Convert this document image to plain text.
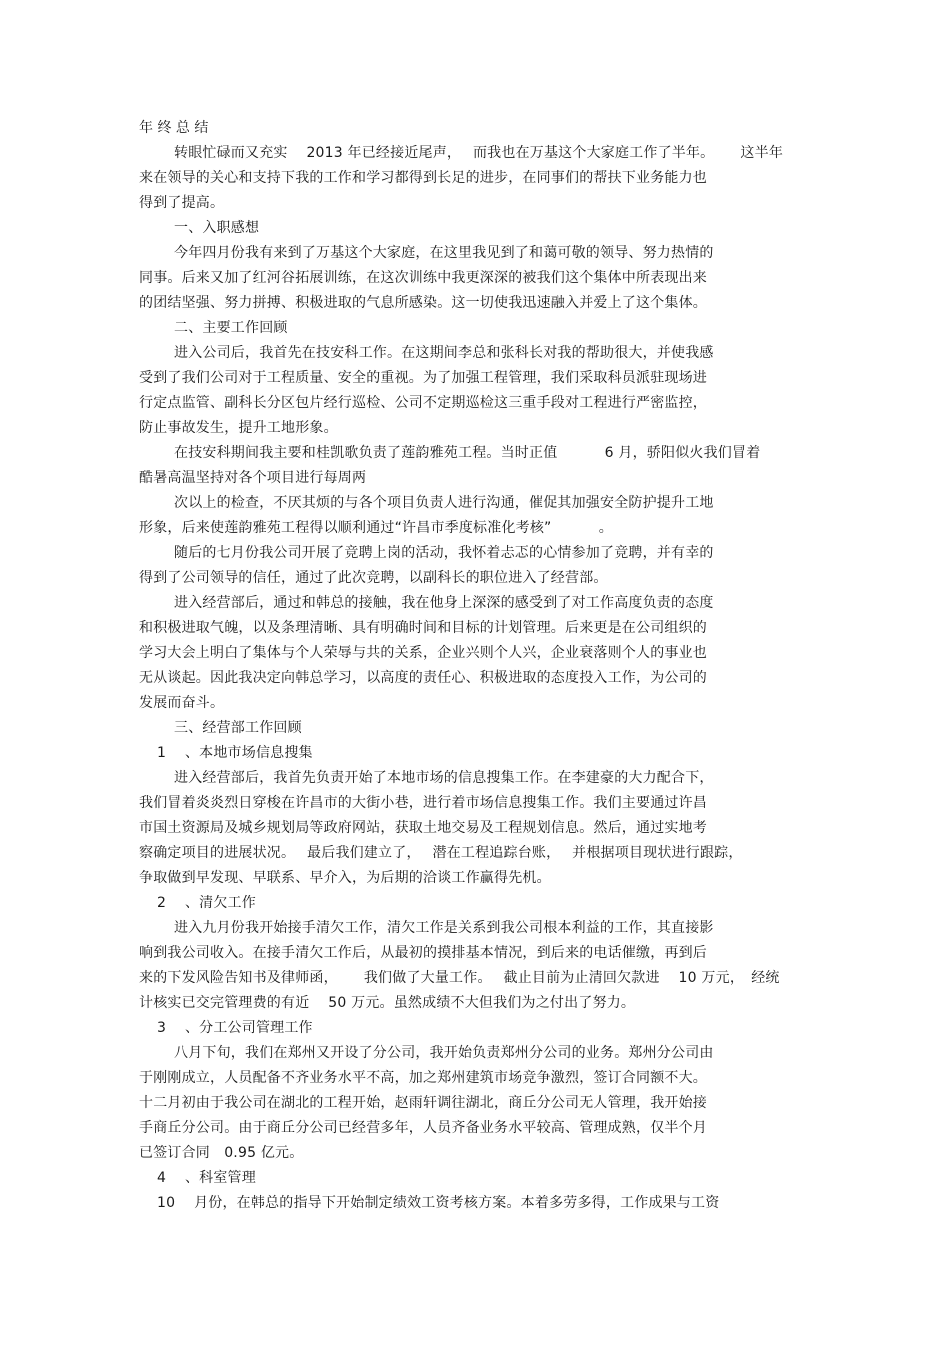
年 终 总 结
转眼忙碌而又充实　 2013 年已经接近尾声，　 而我也在万基这个大家庭工作了半年。　　 这半年
来在领导的关心和支持下我的工作和学习都得到长足的进步，在同事们的帮扶下业务能力也
得到了提高。
一、入职感想
今年四月份我有来到了万基这个大家庭，在这里我见到了和蔼可敬的领导、努力热情的
同事。后来又加了红河谷拓展训练，在这次训练中我更深深的被我们这个集体中所表现出来
的团结坚强、努力拼搏、积极进取的气息所感染。这一切使我迅速融入并爱上了这个集体。
二、主要工作回顾
进入公司后，我首先在技安科工作。在这期间李总和张科长对我的帮助很大，并使我感
受到了我们公司对于工程质量、安全的重视。为了加强工程管理，我们采取科员派驻现场进
行定点监管、副科长分区包片经行巡检、公司不定期巡检这三重手段对工程进行严密监控，
防止事故发生，提升工地形象。
在技安科期间我主要和桂凯歌负责了莲韵雅苑工程。当时正值　　　 6 月，骄阳似火我们冒着
酷暑高温坚持对各个项目进行每周两
次以上的检查，不厌其烦的与各个项目负责人进行沟通，催促其加强安全防护提升工地
形象，后来使莲韵雅苑工程得以顺利通过“许昌市季度标准化考核”　　　 。
随后的七月份我公司开展了竞聘上岗的活动，我怀着忐忑的心情参加了竞聘，并有幸的
得到了公司领导的信任，通过了此次竞聘，以副科长的职位进入了经营部。
进入经营部后，通过和韩总的接触，我在他身上深深的感受到了对工作高度负责的态度
和积极进取气魄，以及条理清晰、具有明确时间和目标的计划管理。后来更是在公司组织的
学习大会上明白了集体与个人荣辱与共的关系，企业兴则个人兴，企业衰落则个人的事业也
无从谈起。因此我决定向韩总学习，以高度的责任心、积极进取的态度投入工作，为公司的
发展而奋斗。
三、经营部工作回顾
1　 、本地市场信息搜集
进入经营部后，我首先负责开始了本地市场的信息搜集工作。在李建豪的大力配合下，
我们冒着炎炎烈日穿梭在许昌市的大街小巷，进行着市场信息搜集工作。我们主要通过许昌
市国土资源局及城乡规划局等政府网站，获取土地交易及工程规划信息。然后，通过实地考
察确定项目的进展状况。　 最后我们建立了，　 潜在工程追踪台账，　 并根据项目现状进行跟踪，
争取做到早发现、早联系、早介入，为后期的洽谈工作赢得先机。
2　 、清欠工作
进入九月份我开始接手清欠工作，清欠工作是关系到我公司根本利益的工作，其直接影
响到我公司收入。在接手清欠工作后，从最初的摸排基本情况，到后来的电话催缴，再到后
来的下发风险告知书及律师函，　　 我们做了大量工作。　 截止目前为止清回欠款进　 10 万元，　经统
计核实已交完管理费的有近　 50 万元。虽然成绩不大但我们为之付出了努力。
3　 、分工公司管理工作
八月下旬，我们在郑州又开设了分公司，我开始负责郑州分公司的业务。郑州分公司由
于刚刚成立，人员配备不齐业务水平不高，加之郑州建筑市场竞争激烈，签订合同额不大。
十二月初由于我公司在湖北的工程开始，赵雨轩调往湖北，商丘分公司无人管理，我开始接
手商丘分公司。由于商丘分公司已经营多年，人员齐备业务水平较高、管理成熟，仅半个月
已签订合同　0.95 亿元。
4　 、科室管理
10　 月份，在韩总的指导下开始制定绩效工资考核方案。本着多劳多得，工作成果与工资
